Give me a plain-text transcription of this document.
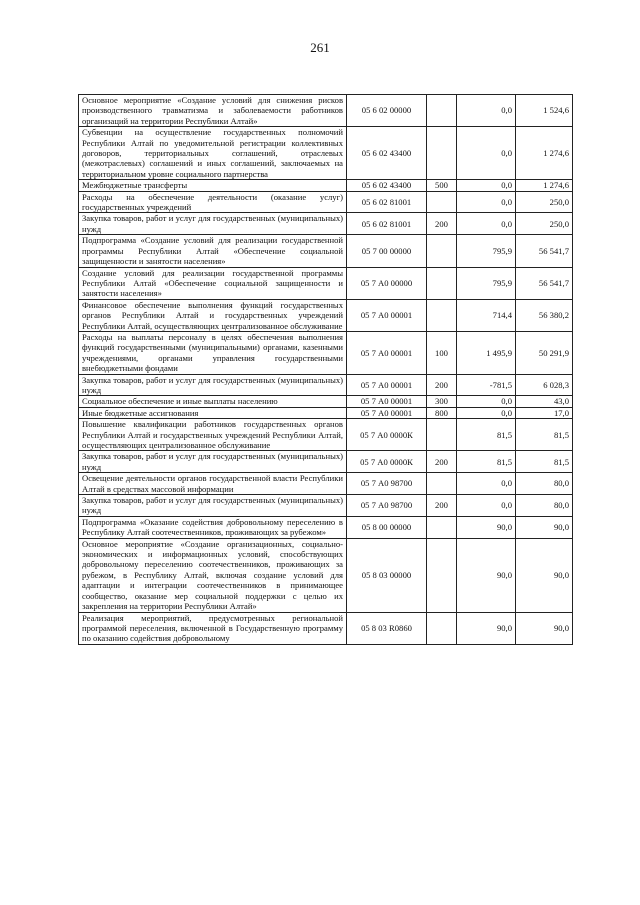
261
Основное мероприятие «Создание условий для снижения рисков производственного травматизма и заболеваемости работников организаций на территории Республики Алтай»	05 6 02 00000		0,0	1 524,6
Субвенции на осуществление государственных полномочий Республики Алтай по уведомительной регистрации коллективных договоров, территориальных соглашений, отраслевых (межотраслевых) соглашений и иных соглашений, заключаемых на территориальном уровне социального партнерства	05 6 02 43400		0,0	1 274,6
Межбюджетные трансферты	05 6 02 43400	500	0,0	1 274,6
Расходы на обеспечение деятельности (оказание услуг) государственных учреждений	05 6 02 81001		0,0	250,0
Закупка товаров, работ и услуг для государственных (муниципальных) нужд	05 6 02 81001	200	0,0	250,0
Подпрограмма «Создание условий для реализации государственной программы Республики Алтай «Обеспечение социальной защищенности и занятости населения»	05 7 00 00000		795,9	56 541,7
Создание условий для реализации государственной программы Республики Алтай «Обеспечение социальной защищенности и занятости населения»	05 7 А0 00000		795,9	56 541,7
Финансовое обеспечение выполнения функций государственных органов Республики Алтай и государственных учреждений Республики Алтай, осуществляющих централизованное обслуживание	05 7 А0 00001		714,4	56 380,2
Расходы на выплаты персоналу в целях обеспечения выполнения функций государственными (муниципальными) органами, казенными учреждениями, органами управления государственными внебюджетными фондами	05 7 А0 00001	100	1 495,9	50 291,9
Закупка товаров, работ и услуг для государственных (муниципальных) нужд	05 7 А0 00001	200	-781,5	6 028,3
Социальное обеспечение и иные выплаты населению	05 7 А0 00001	300	0,0	43,0
Иные бюджетные ассигнования	05 7 А0 00001	800	0,0	17,0
Повышение квалификации работников государственных органов Республики Алтай и государственных учреждений Республики Алтай, осуществляющих централизованное обслуживание	05 7 А0 0000К		81,5	81,5
Закупка товаров, работ и услуг для государственных (муниципальных) нужд	05 7 А0 0000К	200	81,5	81,5
Освещение деятельности органов государственной власти Республики Алтай в средствах массовой информации	05 7 А0 98700		0,0	80,0
Закупка товаров, работ и услуг для государственных (муниципальных) нужд	05 7 А0 98700	200	0,0	80,0
Подпрограмма «Оказание содействия добровольному переселению в Республику Алтай соотечественников, проживающих за рубежом»	05 8 00 00000		90,0	90,0
Основное мероприятие «Создание организационных, социально-экономических и информационных условий, способствующих добровольному переселению соотечественников, проживающих за рубежом, в Республику Алтай, включая создание условий для адаптации и интеграции соотечественников в принимающее сообщество, оказание мер социальной поддержки с целью их закрепления на территории Республики Алтай»	05 8 03 00000		90,0	90,0
Реализация мероприятий, предусмотренных региональной программой переселения, включенной в Государственную программу по оказанию содействия добровольному	05 8 03 R0860		90,0	90,0
